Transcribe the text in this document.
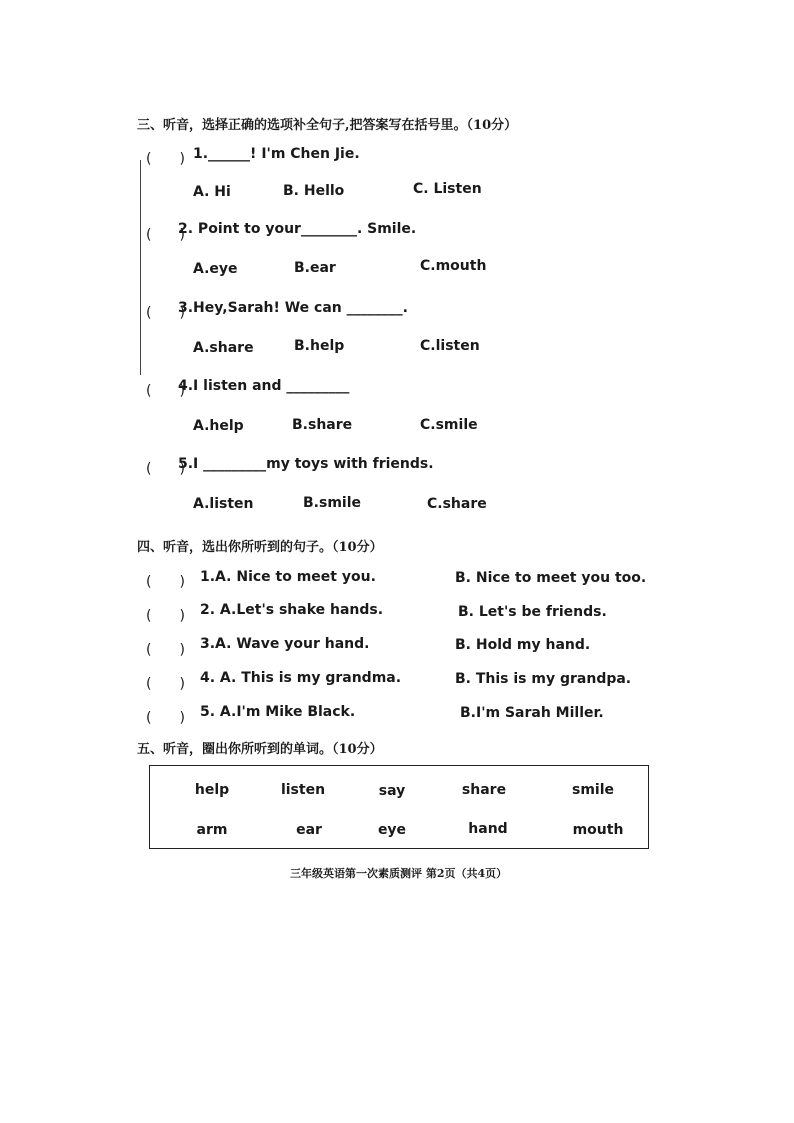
三、听音，选择正确的选项补全句子,把答案写在括号里。（10分）
(　　) 1.______! I'm Chen Jie.
A. Hi	B. Hello	C. Listen
(　　)
2. Point to your________. Smile.
A.eye	B.ear	C.mouth
(　　)
3.Hey,Sarah! We can ________.
A.share	B.help	C.listen
(　　)
4.I listen and _________
A.help	B.share	C.smile
(　　)
5.I _________my toys with friends.
A.listen	B.smile	C.share
四、听音，选出你所听到的句子。（10分）
(　　) 1.A. Nice to meet you.	B. Nice to meet you too.
(　　) 2. A.Let's shake hands.	B. Let's be friends.
(　　) 3.A. Wave your hand.	B. Hold my hand.
(　　) 4. A. This is my grandma.	B. This is my grandpa.
(　　) 5. A.I'm Mike Black.	B.I'm Sarah Miller.
五、听音，圈出你所听到的单词。（10分）
help	listen	say	share	smile
arm	ear	eye	hand	mouth
三年级英语第一次素质测评 第2页（共4页）
